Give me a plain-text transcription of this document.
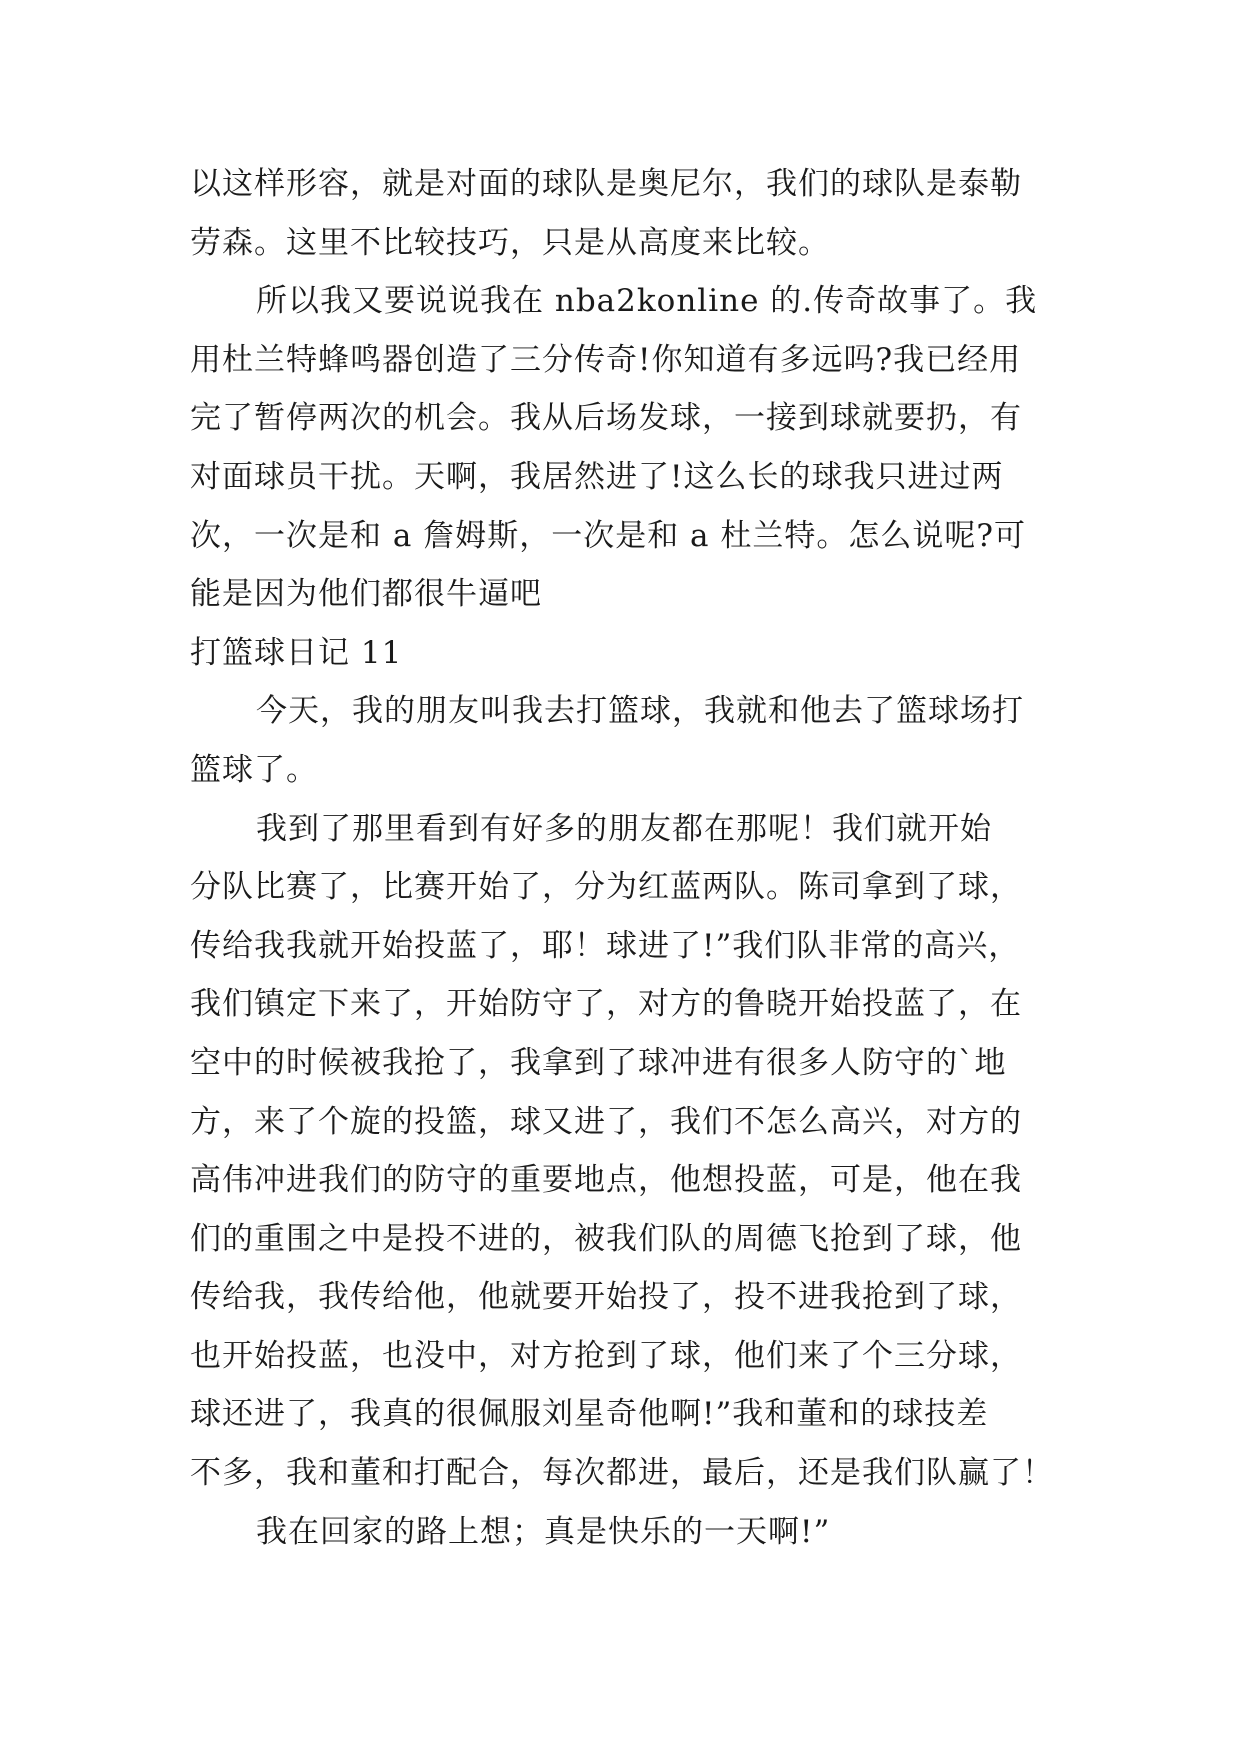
以这样形容，就是对面的球队是奥尼尔，我们的球队是泰勒
劳森。这里不比较技巧，只是从高度来比较。
所以我又要说说我在 nba2konline 的.传奇故事了。我
用杜兰特蜂鸣器创造了三分传奇!你知道有多远吗?我已经用
完了暂停两次的机会。我从后场发球，一接到球就要扔，有
对面球员干扰。天啊，我居然进了!这么长的球我只进过两
次，一次是和 a 詹姆斯，一次是和 a 杜兰特。怎么说呢?可
能是因为他们都很牛逼吧
打篮球日记 11
今天，我的朋友叫我去打篮球，我就和他去了篮球场打
篮球了。
我到了那里看到有好多的朋友都在那呢！我们就开始
分队比赛了，比赛开始了，分为红蓝两队。陈司拿到了球，
传给我我就开始投蓝了，耶！球进了!”我们队非常的高兴，
我们镇定下来了，开始防守了，对方的鲁晓开始投蓝了，在
空中的时候被我抢了，我拿到了球冲进有很多人防守的`地
方，来了个旋的投篮，球又进了，我们不怎么高兴，对方的
高伟冲进我们的防守的重要地点，他想投蓝，可是，他在我
们的重围之中是投不进的，被我们队的周德飞抢到了球，他
传给我，我传给他，他就要开始投了，投不进我抢到了球，
也开始投蓝，也没中，对方抢到了球，他们来了个三分球，
球还进了，我真的很佩服刘星奇他啊!”我和董和的球技差
不多，我和董和打配合，每次都进，最后，还是我们队赢了！
我在回家的路上想；真是快乐的一天啊!”
